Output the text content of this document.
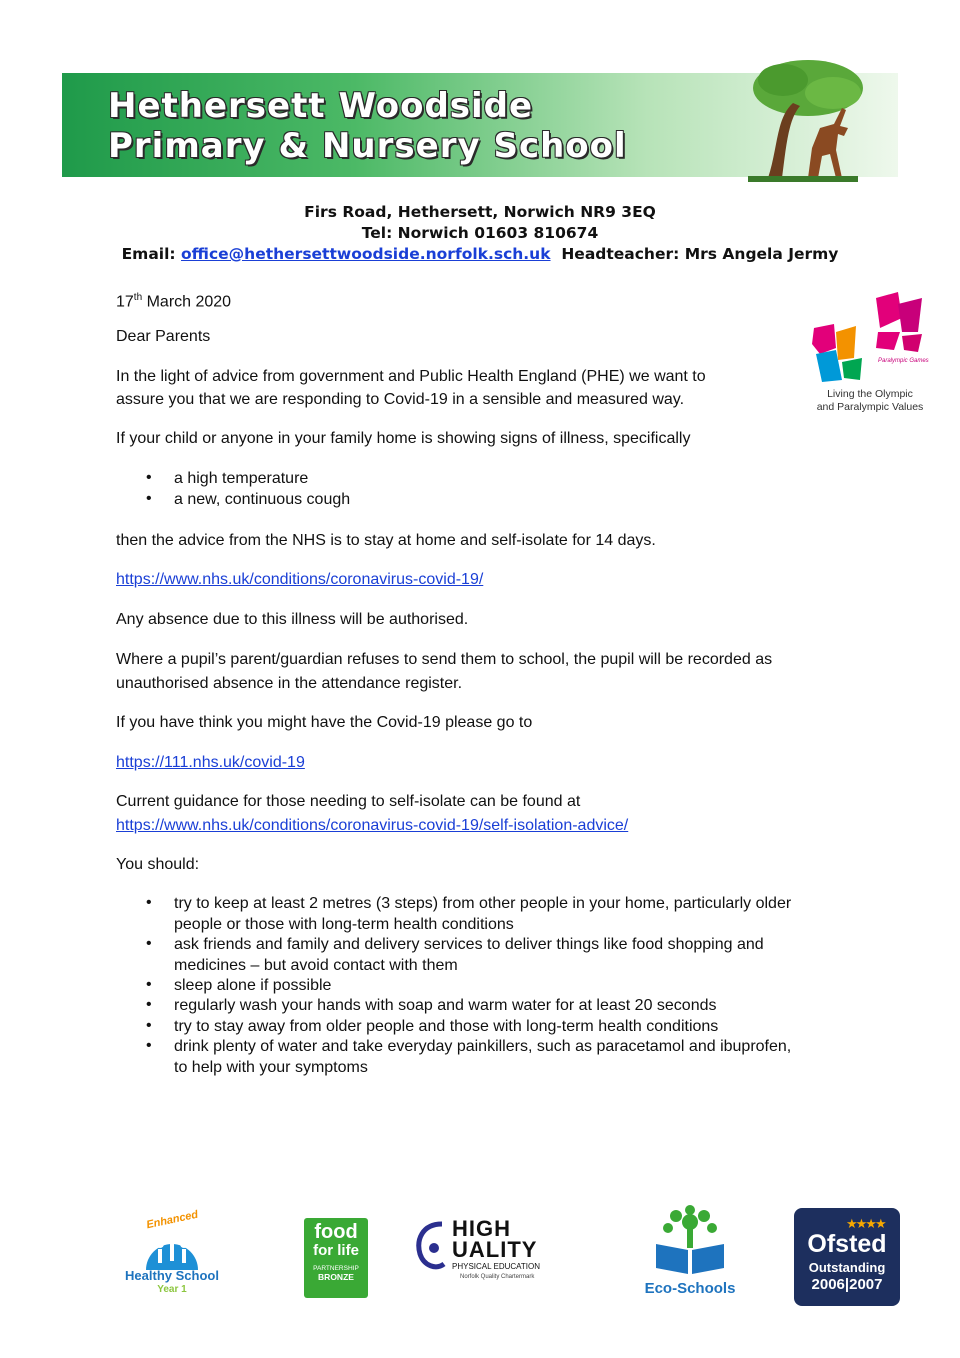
Hethersett Woodside
Primary & Nursery School
Firs Road, Hethersett, Norwich NR9 3EQ
Tel: Norwich 01603 810674
Email: office@hethersettwoodside.norfolk.sch.uk Headteacher: Mrs Angela Jermy
Paralympic Games
Living the Olympic
and Paralympic Values
17th March 2020
Dear Parents
In the light of advice from government and Public Health England (PHE) we want to
assure you that we are responding to Covid-19 in a sensible and measured way.
If your child or anyone in your family home is showing signs of illness, specifically
• a high temperature
• a new, continuous cough
then the advice from the NHS is to stay at home and self-isolate for 14 days.
https://www.nhs.uk/conditions/coronavirus-covid-19/
Any absence due to this illness will be authorised.
Where a pupil’s parent/guardian refuses to send them to school, the pupil will be recorded as
unauthorised absence in the attendance register.
If you have think you might have the Covid-19 please go to
https://111.nhs.uk/covid-19
Current guidance for those needing to self-isolate can be found at
https://www.nhs.uk/conditions/coronavirus-covid-19/self-isolation-advice/
You should:
• try to keep at least 2 metres (3 steps) from other people in your home, particularly older
people or those with long-term health conditions
• ask friends and family and delivery services to deliver things like food shopping and
medicines – but avoid contact with them
• sleep alone if possible
• regularly wash your hands with soap and warm water for at least 20 seconds
• try to stay away from older people and those with long-term health conditions
• drink plenty of water and take everyday painkillers, such as paracetamol and ibuprofen,
to help with your symptoms
Enhanced
Healthy School
Year 1
food
for life
PARTNERSHIP
BRONZE
HIGH
UALITY
PHYSICAL EDUCATION
Norfolk Quality Chartermark
Eco-Schools
★★★★
Ofsted
Outstanding
2006|2007
